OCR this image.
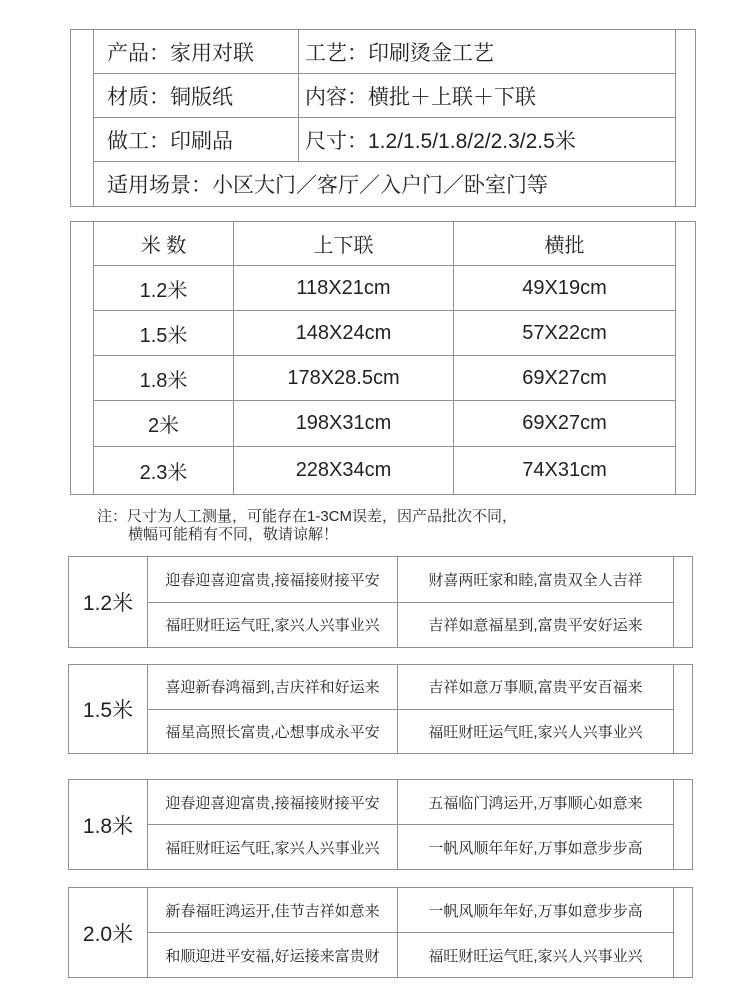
产品：家用对联	工艺：印刷烫金工艺
材质：铜版纸	内容：横批＋上联＋下联
做工：印刷品	尺寸：1.2/1.5/1.8/2/2.3/2.5米
适用场景：小区大门／客厅／入户门／卧室门等
米 数	上下联	横批
1.2米	118X21cm	49X19cm
1.5米	148X24cm	57X22cm
1.8米	178X28.5cm	69X27cm
2米	198X31cm	69X27cm
2.3米	228X34cm	74X31cm
注：尺寸为人工测量，可能存在1-3CM误差，因产品批次不同，
横幅可能稍有不同，敬请谅解！
1.2米
迎春迎喜迎富贵,接福接财接平安	财喜两旺家和睦,富贵双全人吉祥
福旺财旺运气旺,家兴人兴事业兴	吉祥如意福星到,富贵平安好运来
1.5米
喜迎新春鸿福到,吉庆祥和好运来	吉祥如意万事顺,富贵平安百福来
福星高照长富贵,心想事成永平安	福旺财旺运气旺,家兴人兴事业兴
1.8米
迎春迎喜迎富贵,接福接财接平安	五福临门鸿运开,万事顺心如意来
福旺财旺运气旺,家兴人兴事业兴	一帆风顺年年好,万事如意步步高
2.0米
新春福旺鸿运开,佳节吉祥如意来	一帆风顺年年好,万事如意步步高
和顺迎进平安福,好运接来富贵财	福旺财旺运气旺,家兴人兴事业兴
